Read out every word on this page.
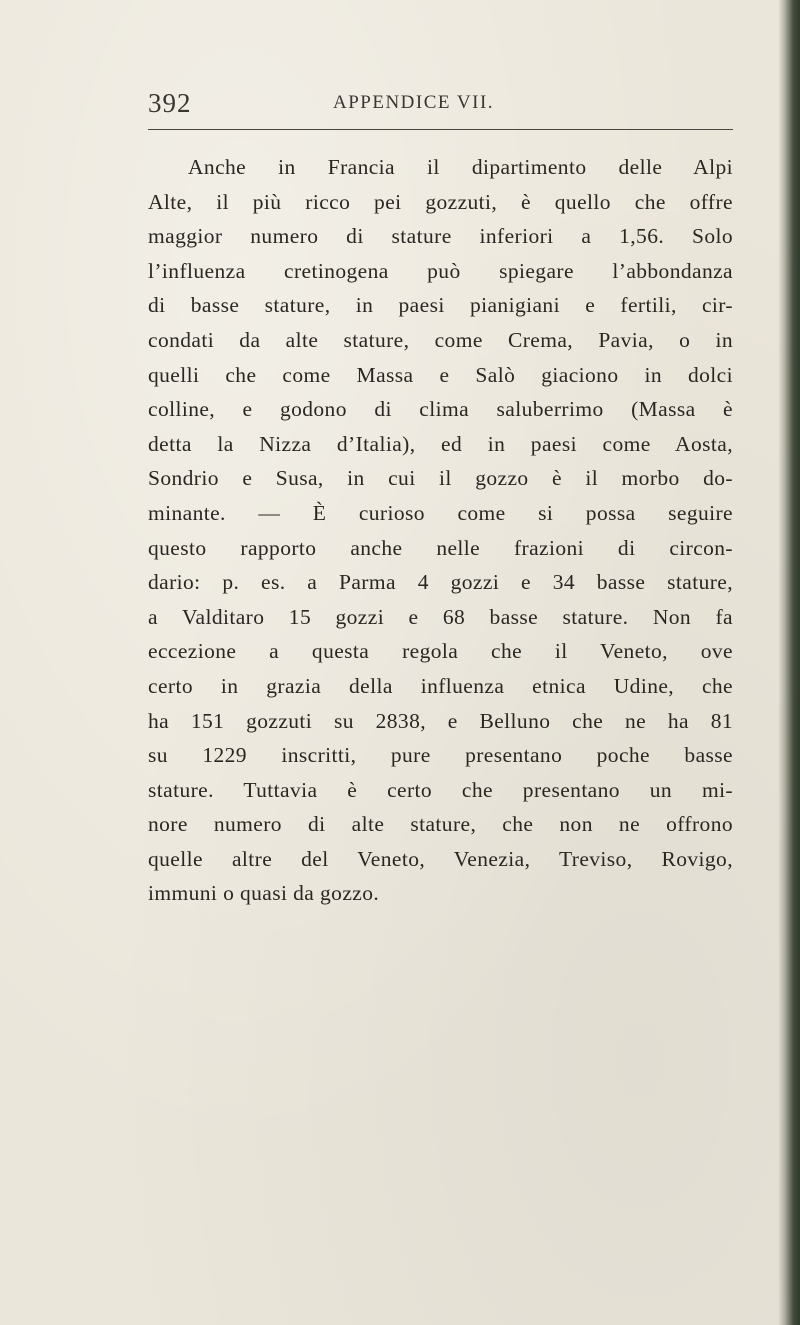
392	APPENDICE VII.
Anche in Francia il dipartimento delle Alpi
Alte, il più ricco pei gozzuti, è quello che offre
maggior numero di stature inferiori a 1,56. Solo
l’influenza cretinogena può spiegare l’abbondanza
di basse stature, in paesi pianigiani e fertili, cir-
condati da alte stature, come Crema, Pavia, o in
quelli che come Massa e Salò giaciono in dolci
colline, e godono di clima saluberrimo (Massa è
detta la Nizza d’Italia), ed in paesi come Aosta,
Sondrio e Susa, in cui il gozzo è il morbo do-
minante. — È curioso come si possa seguire
questo rapporto anche nelle frazioni di circon-
dario: p. es. a Parma 4 gozzi e 34 basse stature,
a Valditaro 15 gozzi e 68 basse stature. Non fa
eccezione a questa regola che il Veneto, ove
certo in grazia della influenza etnica Udine, che
ha 151 gozzuti su 2838, e Belluno che ne ha 81
su 1229 inscritti, pure presentano poche basse
stature. Tuttavia è certo che presentano un mi-
nore numero di alte stature, che non ne offrono
quelle altre del Veneto, Venezia, Treviso, Rovigo,
immuni o quasi da gozzo.
